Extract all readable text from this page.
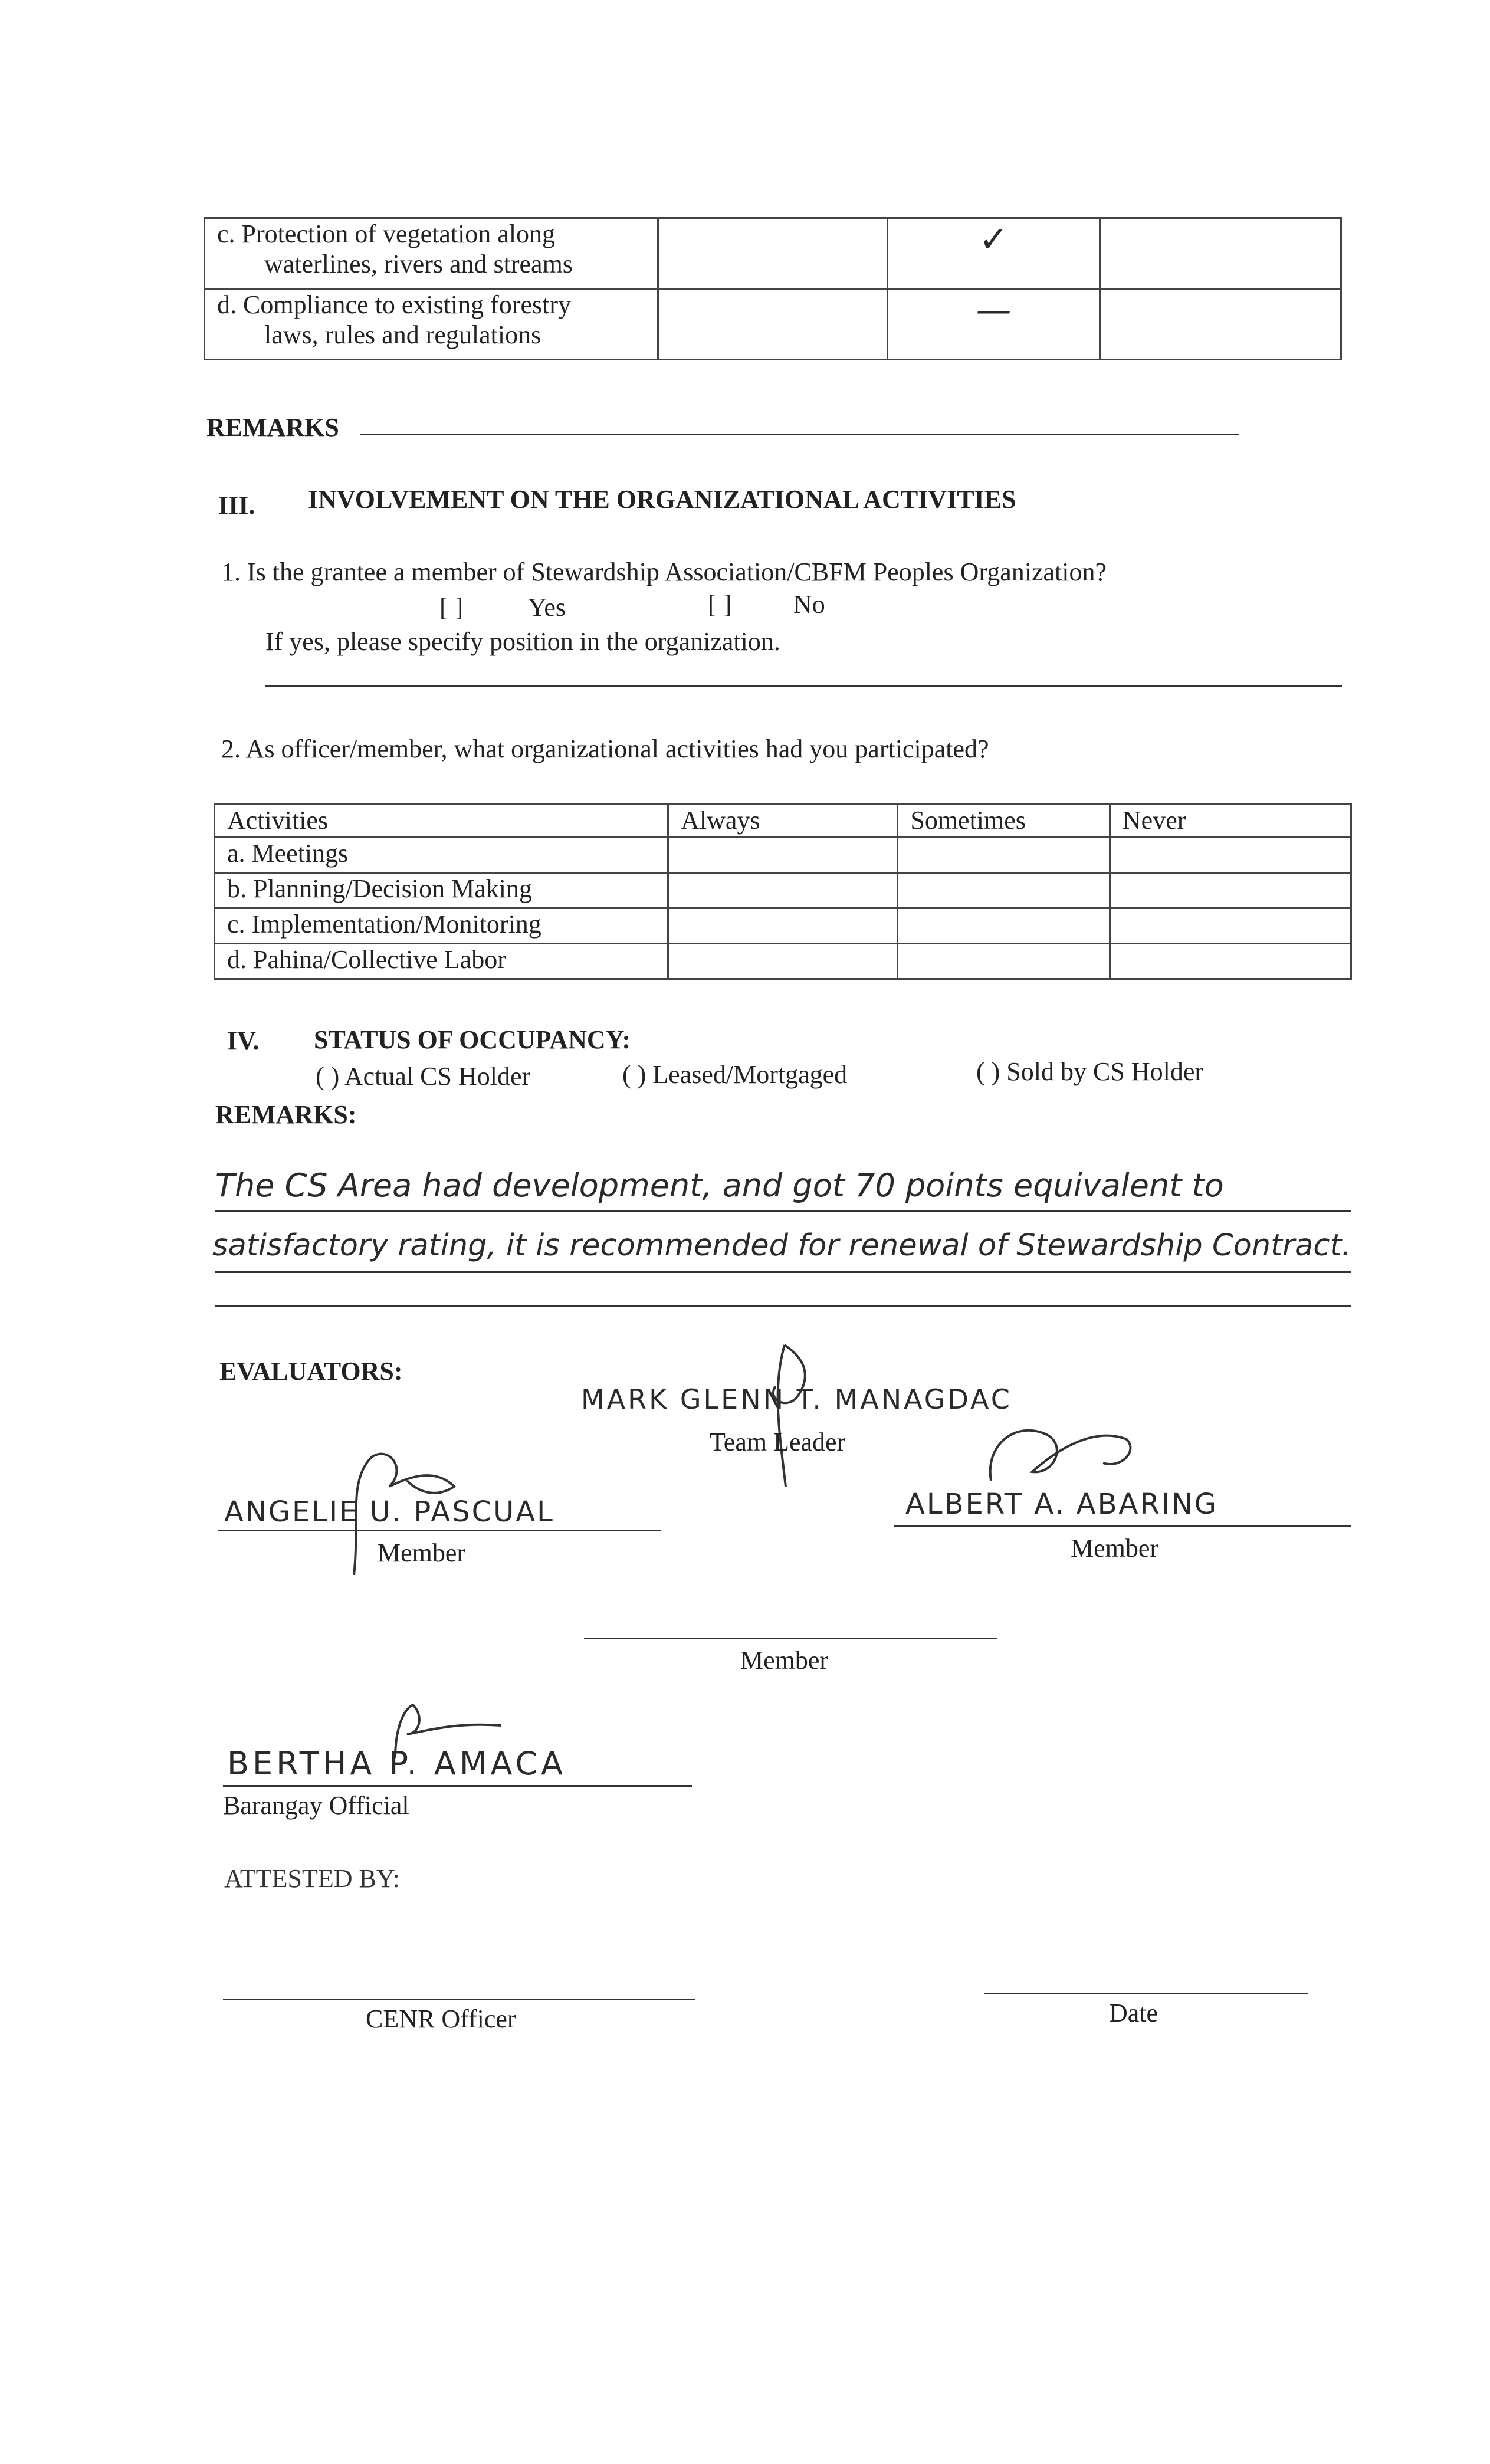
c. Protection of vegetation along
waterlines, rivers and streams		✓	

d. Compliance to existing forestry
laws, rules and regulations		—	
REMARKS
III. INVOLVEMENT ON THE ORGANIZATIONAL ACTIVITIES
1. Is the grantee a member of Stewardship Association/CBFM Peoples Organization?
[ ] Yes	[ ] No
If yes, please specify position in the organization.
2. As officer/member, what organizational activities had you participated?
Activities	Always	Sometimes	Never
a. Meetings			
b. Planning/Decision Making			
c. Implementation/Monitoring			
d. Pahina/Collective Labor			
IV. STATUS OF OCCUPANCY:
( ) Actual CS Holder	( ) Leased/Mortgaged	( ) Sold by CS Holder
REMARKS:
The CS Area had development, and got 70 points equivalent to
satisfactory rating, it is recommended for renewal of Stewardship Contract.
EVALUATORS:
MARK GLENN T. MANAGDAC
Team Leader
ANGELIE U. PASCUAL
Member
ALBERT A. ABARING
Member
Member
BERTHA P. AMACA
Barangay Official
ATTESTED BY:
CENR Officer	Date
